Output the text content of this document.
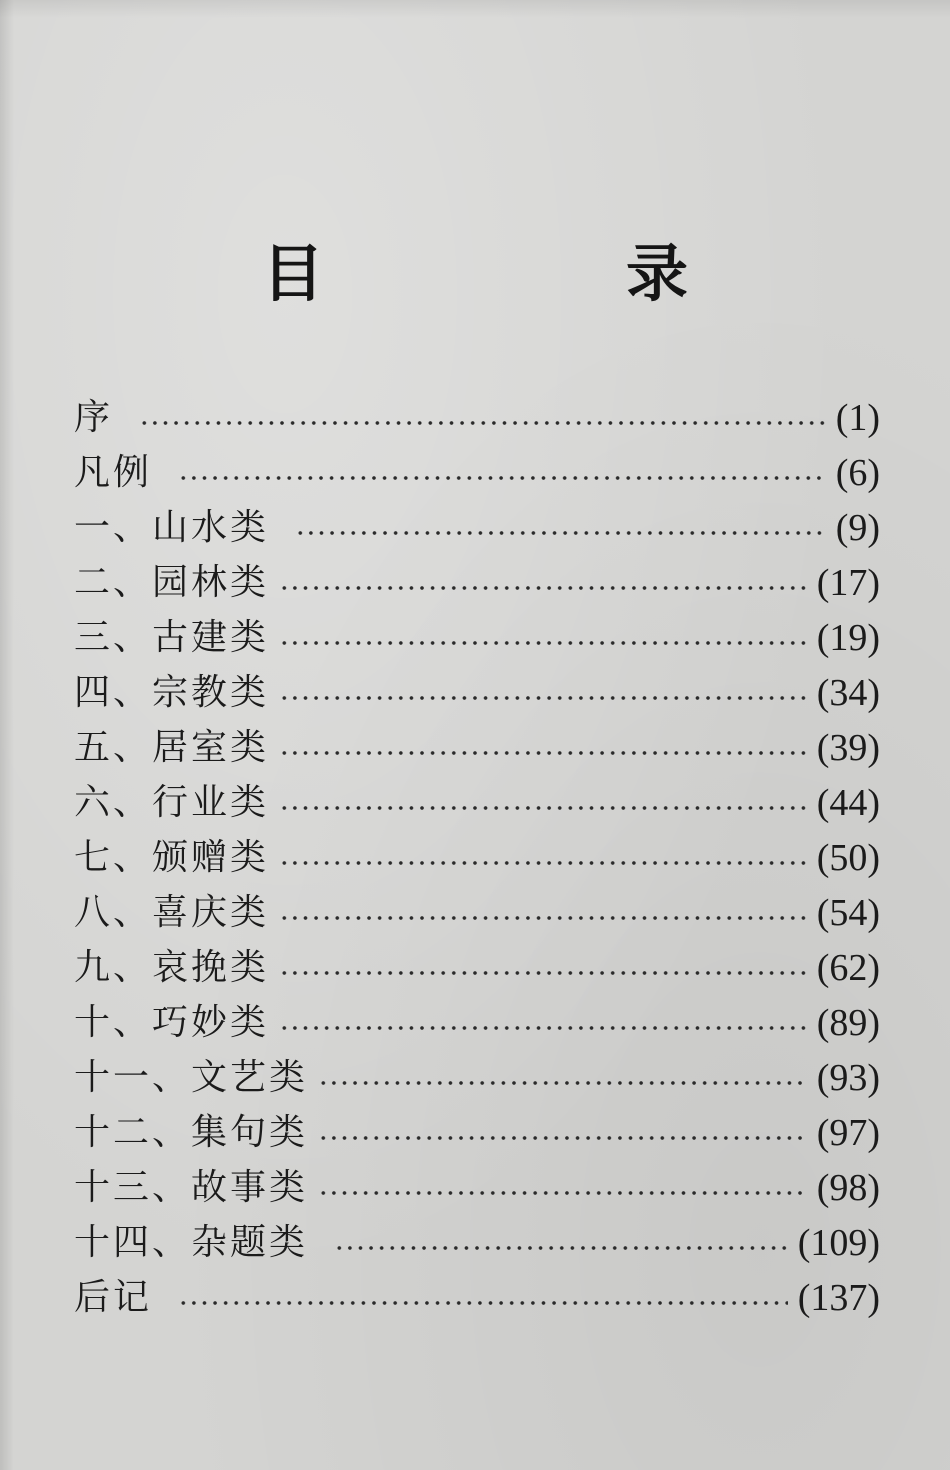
目　录
序	(1)
凡例	(6)
一、山水类	(9)
二、园林类	(17)
三、古建类	(19)
四、宗教类	(34)
五、居室类	(39)
六、行业类	(44)
七、颁赠类	(50)
八、喜庆类	(54)
九、哀挽类	(62)
十、巧妙类	(89)
十一、文艺类	(93)
十二、集句类	(97)
十三、故事类	(98)
十四、杂题类	(109)
后记	(137)
